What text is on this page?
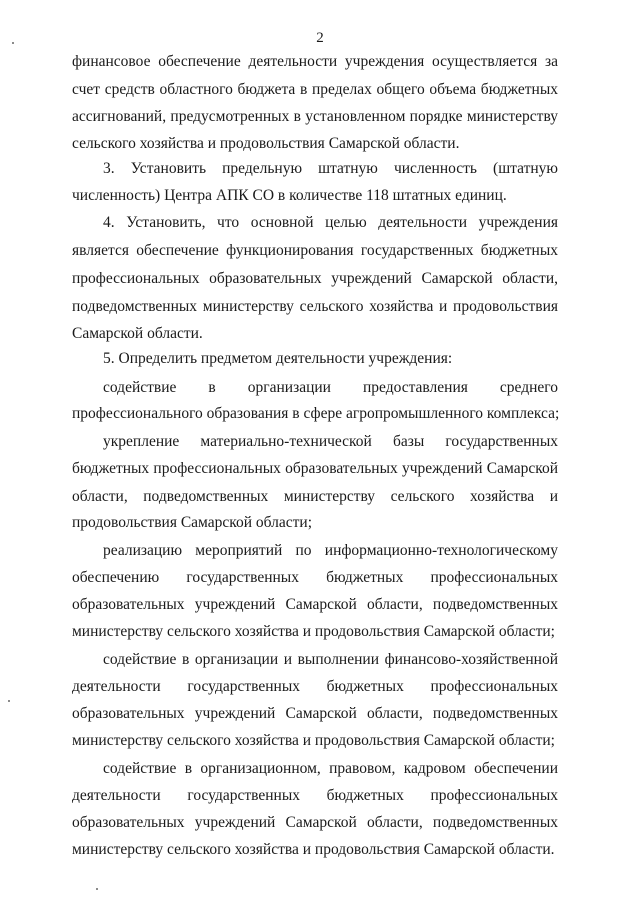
2
финансовое обеспечение деятельности учреждения осуществляется за
счет средств областного бюджета в пределах общего объема бюджетных
ассигнований, предусмотренных в установленном порядке министерству
сельского хозяйства и продовольствия Самарской области.
3. Установить предельную штатную численность (штатную
численность) Центра АПК СО в количестве 118 штатных единиц.
4. Установить, что основной целью деятельности учреждения
является обеспечение функционирования государственных бюджетных
профессиональных образовательных учреждений Самарской области,
подведомственных министерству сельского хозяйства и продовольствия
Самарской области.
5. Определить предметом деятельности учреждения:
содействие в организации предоставления среднего
профессионального образования в сфере агропромышленного комплекса;
укрепление материально-технической базы государственных
бюджетных профессиональных образовательных учреждений Самарской
области, подведомственных министерству сельского хозяйства и
продовольствия Самарской области;
реализацию мероприятий по информационно-технологическому
обеспечению государственных бюджетных профессиональных
образовательных учреждений Самарской области, подведомственных
министерству сельского хозяйства и продовольствия Самарской области;
содействие в организации и выполнении финансово-хозяйственной
деятельности государственных бюджетных профессиональных
образовательных учреждений Самарской области, подведомственных
министерству сельского хозяйства и продовольствия Самарской области;
содействие в организационном, правовом, кадровом обеспечении
деятельности государственных бюджетных профессиональных
образовательных учреждений Самарской области, подведомственных
министерству сельского хозяйства и продовольствия Самарской области.
